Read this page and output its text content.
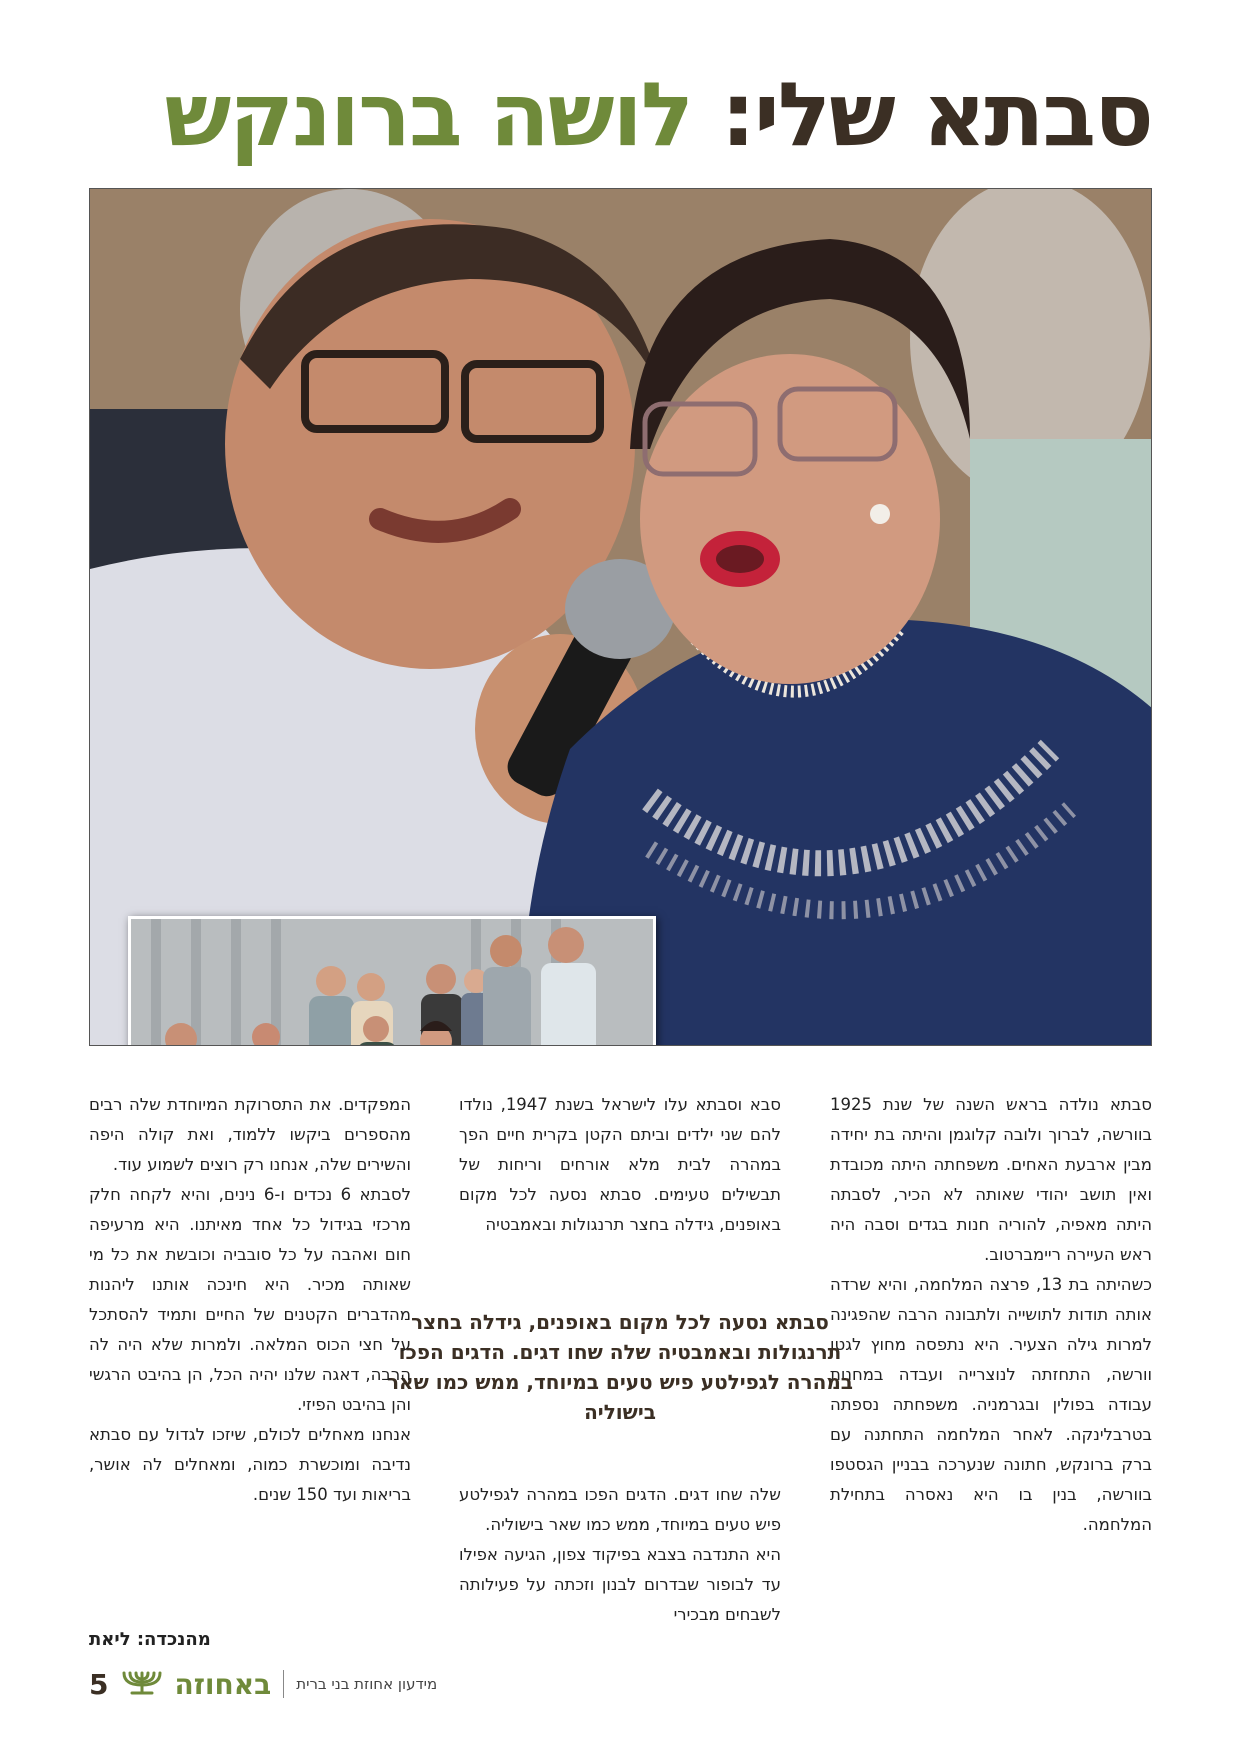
סבתא שלי: לושה ברונקש

סבתא נולדה בראש השנה של שנת 1925 בוורשה, לברוך ולובה קלוגמן והיתה בת יחידה מבין ארבעת האחים. משפחתה היתה מכובדת ואין תושב יהודי שאותה לא הכיר, לסבתה היתה מאפיה, להוריה חנות בגדים וסבה היה ראש העיירה ריימברטוב.

כשהיתה בת 13, פרצה המלחמה, והיא שרדה אותה תודות לתושייה ולתבונה הרבה שהפגינה למרות גילה הצעיר. היא נתפסה מחוץ לגטו וורשה, התחזתה לנוצרייה ועבדה במחנות עבודה בפולין ובגרמניה. משפחתה נספתה בטרבלינקה. לאחר המלחמה התחתנה עם ברק ברונקש, חתונה שנערכה בבניין הגסטפו בוורשה, בנין בו היא נאסרה בתחילת המלחמה.

סבא וסבתא עלו לישראל בשנת 1947, נולדו להם שני ילדים וביתם הקטן בקרית חיים הפך במהרה לבית מלא אורחים וריחות של תבשילים טעימים. סבתא נסעה לכל מקום באופנים, גידלה בחצר תרנגולות ובאמבטיה

סבתא נסעה לכל מקום באופנים, גידלה בחצר תרנגולות ובאמבטיה שלה שחו דגים. הדגים הפכו במהרה לגפילטע פיש טעים במיוחד, ממש כמו שאר בישוליה

שלה שחו דגים. הדגים הפכו במהרה לגפילטע פיש טעים במיוחד, ממש כמו שאר בישוליה.

היא התנדבה בצבא בפיקוד צפון, הגיעה אפילו עד לבופור שבדרום לבנון וזכתה על פעילותה לשבחים מבכירי

המפקדים. את התסרוקת המיוחדת שלה רבים מהספרים ביקשו ללמוד, ואת קולה היפה והשירים שלה, אנחנו רק רוצים לשמוע עוד.

לסבתא 6 נכדים ו-6 נינים, והיא לקחה חלק מרכזי בגידול כל אחד מאיתנו. היא מרעיפה חום ואהבה על כל סובביה וכובשת את כל מי שאותה מכיר. היא חינכה אותנו ליהנות מהדברים הקטנים של החיים ותמיד להסתכל על חצי הכוס המלאה. ולמרות שלא היה לה הרבה, דאגה שלנו יהיה הכל, הן בהיבט הרגשי והן בהיבט הפיזי.

אנחנו מאחלים לכולם, שיזכו לגדול עם סבתא נדיבה ומוכשרת כמוה, ומאחלים לה אושר, בריאות ועד 150 שנים.

מהנכדה: ליאת
5 באחוזה מידעון אחוזת בני ברית
